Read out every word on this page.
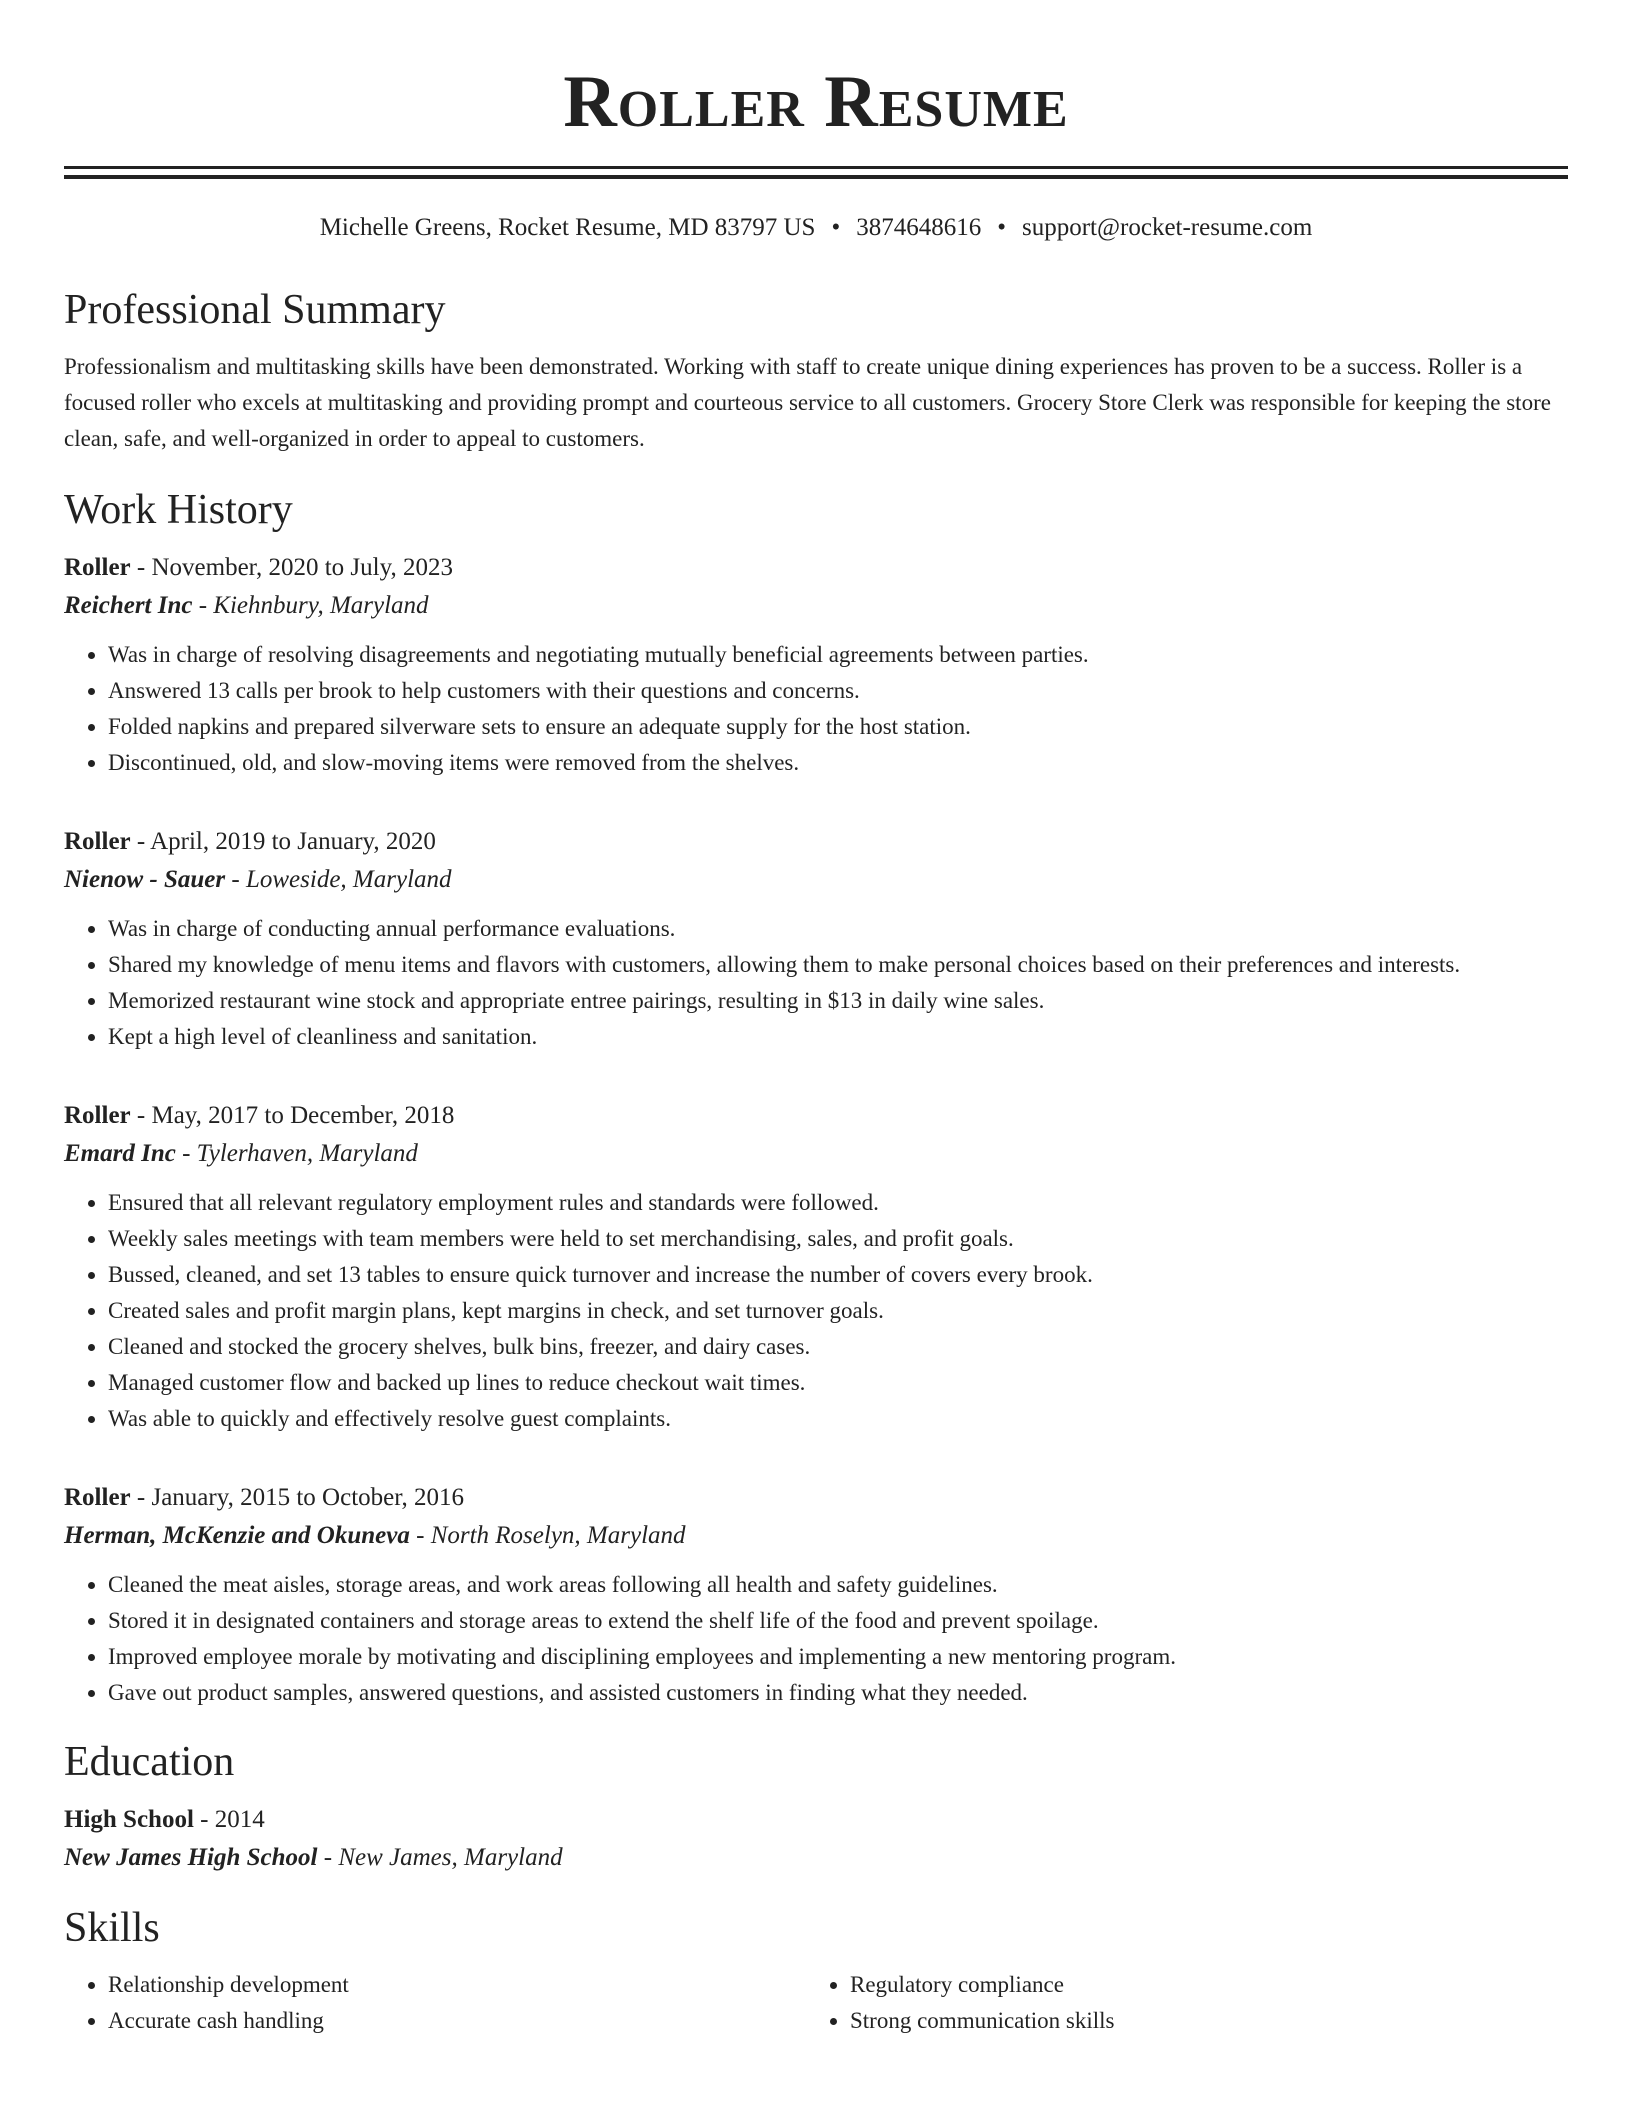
Roller Resume
Michelle Greens, Rocket Resume, MD 83797 US • 3874648616 • support@rocket-resume.com
Professional Summary
Professionalism and multitasking skills have been demonstrated. Working with staff to create unique dining experiences has proven to be a success. Roller is a focused roller who excels at multitasking and providing prompt and courteous service to all customers. Grocery Store Clerk was responsible for keeping the store clean, safe, and well-organized in order to appeal to customers.
Work History
Roller - November, 2020 to July, 2023
Reichert Inc - Kiehnbury, Maryland
• Was in charge of resolving disagreements and negotiating mutually beneficial agreements between parties.
• Answered 13 calls per brook to help customers with their questions and concerns.
• Folded napkins and prepared silverware sets to ensure an adequate supply for the host station.
• Discontinued, old, and slow-moving items were removed from the shelves.
Roller - April, 2019 to January, 2020
Nienow - Sauer - Loweside, Maryland
• Was in charge of conducting annual performance evaluations.
• Shared my knowledge of menu items and flavors with customers, allowing them to make personal choices based on their preferences and interests.
• Memorized restaurant wine stock and appropriate entree pairings, resulting in $13 in daily wine sales.
• Kept a high level of cleanliness and sanitation.
Roller - May, 2017 to December, 2018
Emard Inc - Tylerhaven, Maryland
• Ensured that all relevant regulatory employment rules and standards were followed.
• Weekly sales meetings with team members were held to set merchandising, sales, and profit goals.
• Bussed, cleaned, and set 13 tables to ensure quick turnover and increase the number of covers every brook.
• Created sales and profit margin plans, kept margins in check, and set turnover goals.
• Cleaned and stocked the grocery shelves, bulk bins, freezer, and dairy cases.
• Managed customer flow and backed up lines to reduce checkout wait times.
• Was able to quickly and effectively resolve guest complaints.
Roller - January, 2015 to October, 2016
Herman, McKenzie and Okuneva - North Roselyn, Maryland
• Cleaned the meat aisles, storage areas, and work areas following all health and safety guidelines.
• Stored it in designated containers and storage areas to extend the shelf life of the food and prevent spoilage.
• Improved employee morale by motivating and disciplining employees and implementing a new mentoring program.
• Gave out product samples, answered questions, and assisted customers in finding what they needed.
Education
High School - 2014
New James High School - New James, Maryland
Skills
• Relationship development
• Accurate cash handling
• Regulatory compliance
• Strong communication skills
